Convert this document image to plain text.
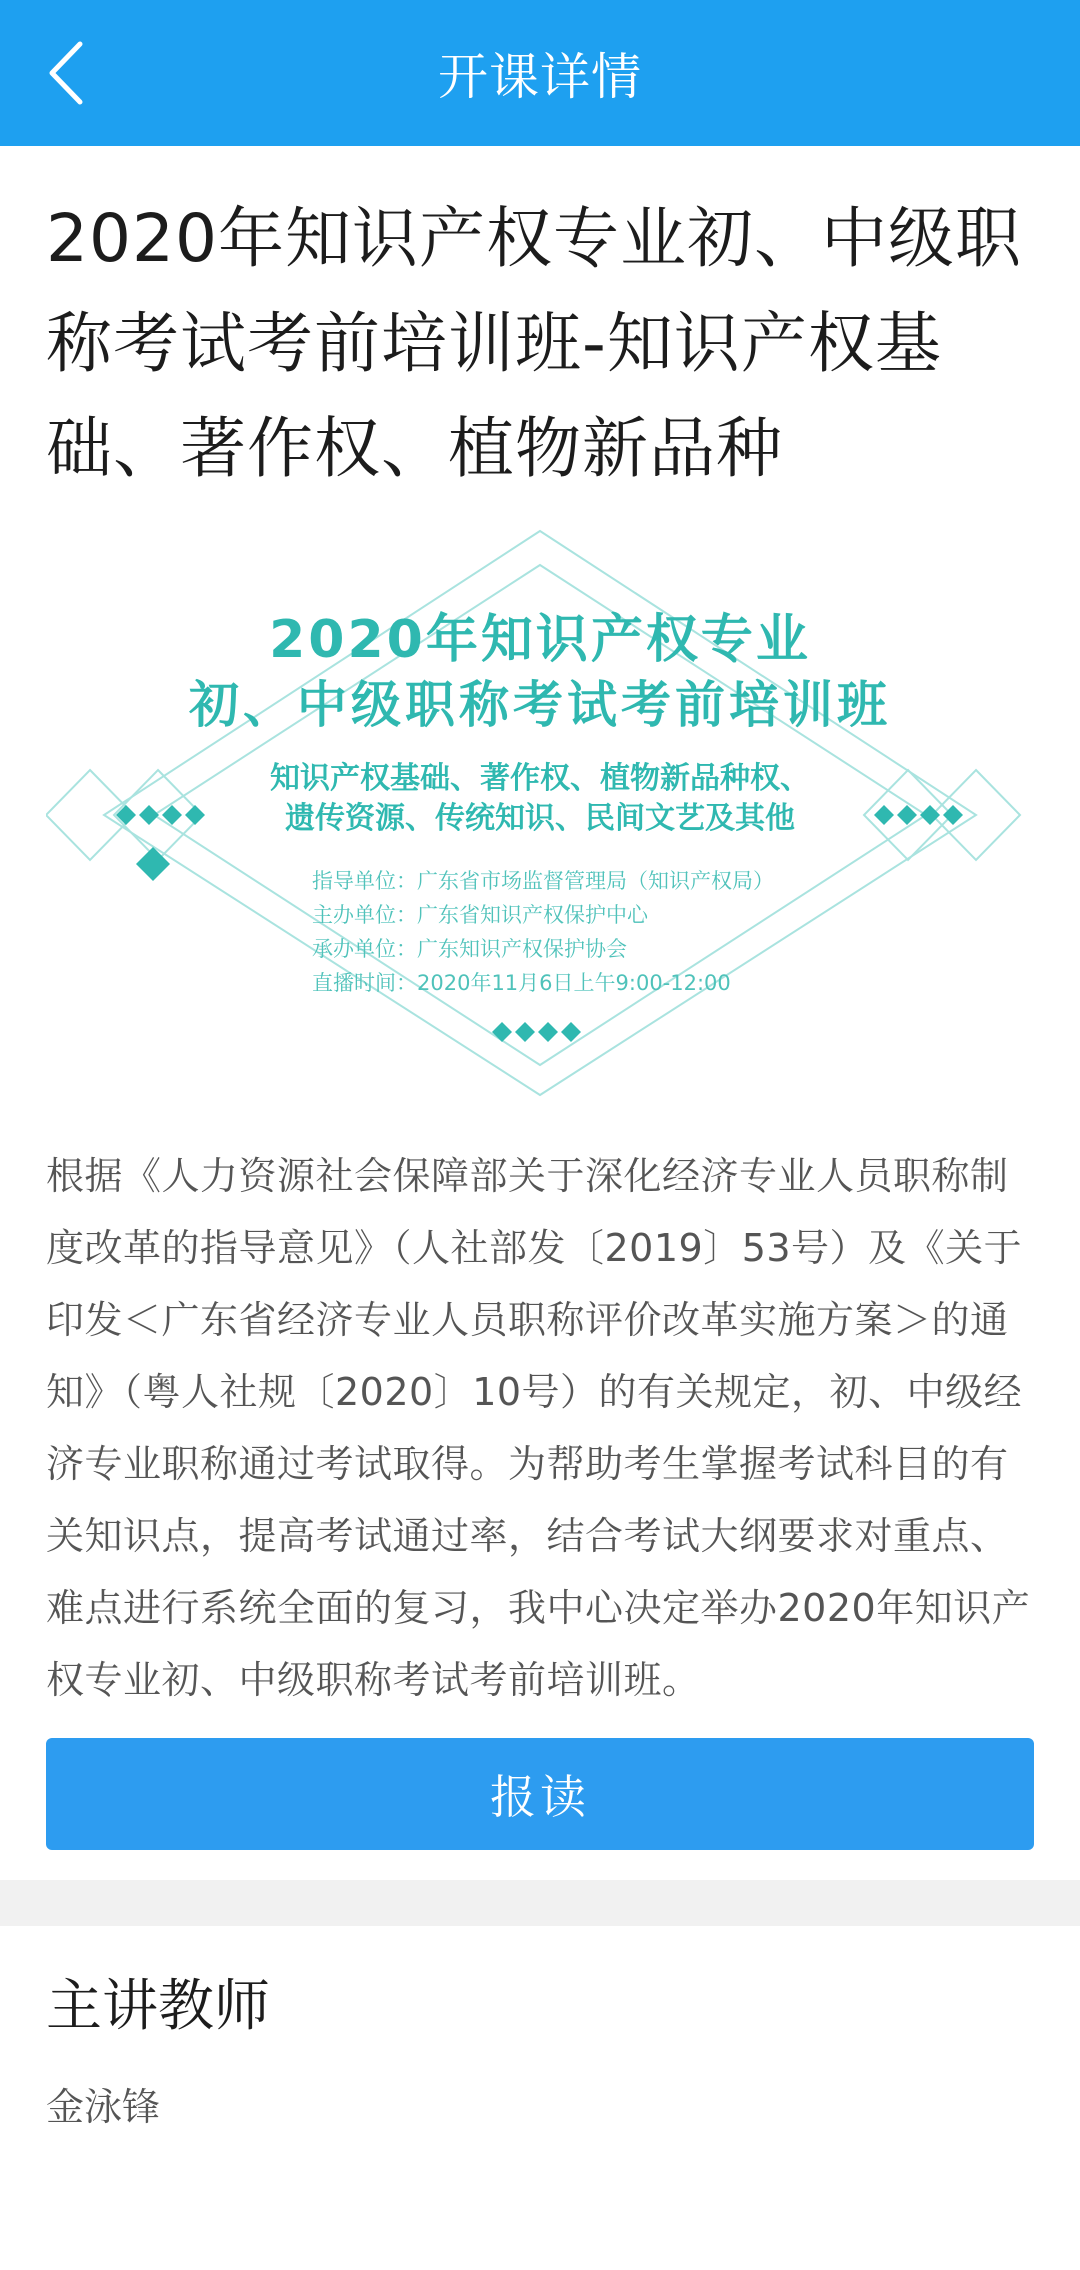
开课详情
2020年知识产权专业初、中级职称考试考前培训班-知识产权基础、著作权、植物新品种
2020年知识产权专业
初、中级职称考试考前培训班
知识产权基础、著作权、植物新品种权、
遗传资源、传统知识、民间文艺及其他
指导单位：广东省市场监督管理局（知识产权局）
主办单位：广东省知识产权保护中心
承办单位：广东知识产权保护协会
直播时间：2020年11月6日上午9:00-12:00
根据《人力资源社会保障部关于深化经济专业人员职称制度改革的指导意见》（人社部发〔2019〕53号）及《关于印发＜广东省经济专业人员职称评价改革实施方案＞的通知》（粤人社规〔2020〕10号）的有关规定，初、中级经济专业职称通过考试取得。为帮助考生掌握考试科目的有关知识点，提高考试通过率，结合考试大纲要求对重点、难点进行系统全面的复习，我中心决定举办2020年知识产权专业初、中级职称考试考前培训班。
报读
主讲教师
金泳锋
